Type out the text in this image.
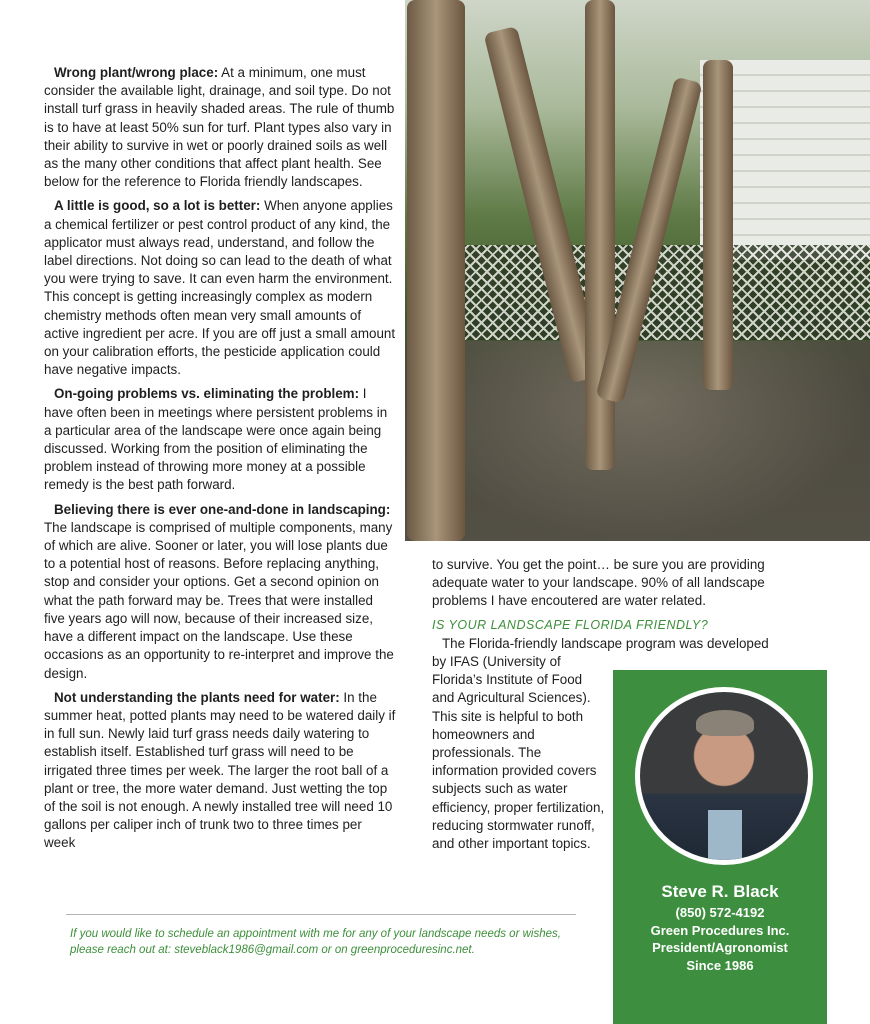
Wrong plant/wrong place: At a minimum, one must consider the available light, drainage, and soil type. Do not install turf grass in heavily shaded areas. The rule of thumb is to have at least 50% sun for turf. Plant types also vary in their ability to survive in wet or poorly drained soils as well as the many other conditions that affect plant health. See below for the reference to Florida friendly landscapes.

A little is good, so a lot is better: When anyone applies a chemical fertilizer or pest control product of any kind, the applicator must always read, understand, and follow the label directions. Not doing so can lead to the death of what you were trying to save. It can even harm the environment. This concept is getting increasingly complex as modern chemistry methods often mean very small amounts of active ingredient per acre. If you are off just a small amount on your calibration efforts, the pesticide application could have negative impacts.

On-going problems vs. eliminating the problem: I have often been in meetings where persistent problems in a particular area of the landscape were once again being discussed. Working from the position of eliminating the problem instead of throwing more money at a possible remedy is the best path forward.

Believing there is ever one-and-done in landscaping: The landscape is comprised of multiple components, many of which are alive. Sooner or later, you will lose plants due to a potential host of reasons. Before replacing anything, stop and consider your options. Get a second opinion on what the path forward may be. Trees that were installed five years ago will now, because of their increased size, have a different impact on the landscape. Use these occasions as an opportunity to re-interpret and improve the design.

Not understanding the plants need for water: In the summer heat, potted plants may need to be watered daily if in full sun. Newly laid turf grass needs daily watering to establish itself. Established turf grass will need to be irrigated three times per week. The larger the root ball of a plant or tree, the more water demand. Just wetting the top of the soil is not enough. A newly installed tree will need 10 gallons per caliper inch of trunk two to three times per week

to survive. You get the point… be sure you are providing adequate water to your landscape. 90% of all landscape problems I have encoutered are water related.

IS YOUR LANDSCAPE FLORIDA FRIENDLY?

The Florida-friendly landscape program was developed

by IFAS (University of Florida’s Institute of Food and Agricultural Sciences). This site is helpful to both homeowners and professionals. The information provided covers subjects such as water efficiency, proper fertilization, reducing stormwater runoff, and other important topics.

Steve R. Black
(850) 572-4192
Green Procedures Inc.
President/Agronomist
Since 1986
If you would like to schedule an appointment with me for any of your landscape needs or wishes, please reach out at: steveblack1986@gmail.com or on greenproceduresinc.net.
